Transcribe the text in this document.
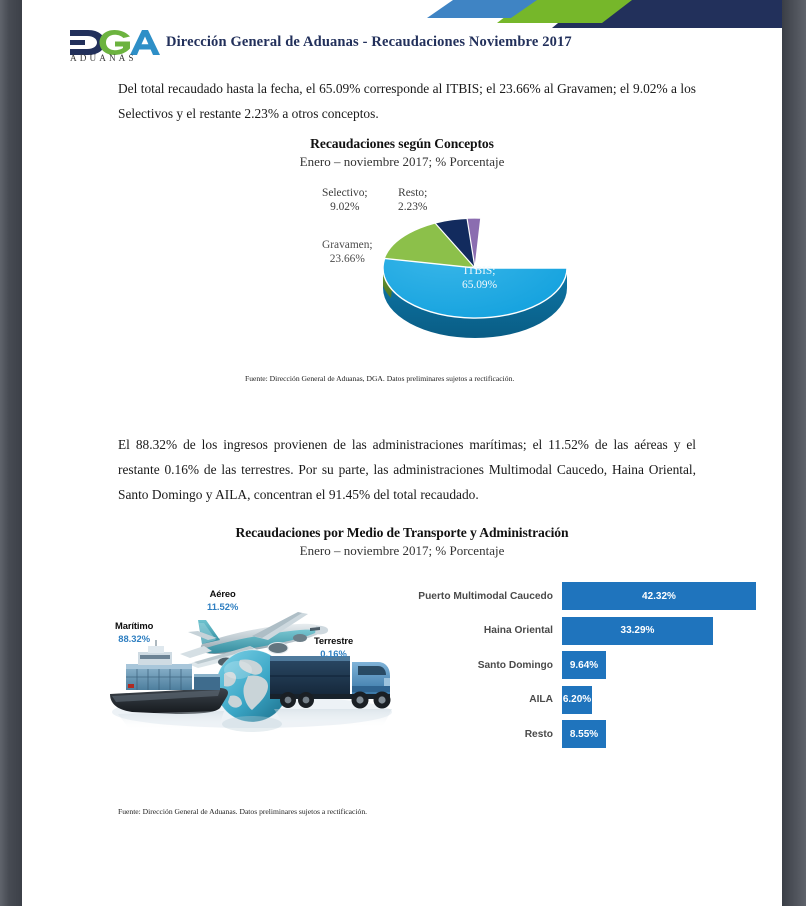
ADUANAS
Dirección General de Aduanas - Recaudaciones Noviembre 2017
Del total recaudado hasta la fecha, el 65.09% corresponde al ITBIS; el 23.66% al Gravamen; el 9.02% a los Selectivos y el restante 2.23% a otros conceptos.
Recaudaciones según Conceptos
Enero – noviembre 2017; % Porcentaje
Selectivo;
9.02%
Resto;
2.23%
Gravamen;
23.66%
ITBIS;
65.09%
Fuente: Dirección General de Aduanas, DGA. Datos preliminares sujetos a rectificación.
El 88.32% de los ingresos provienen de las administraciones marítimas; el 11.52% de las aéreas y el restante 0.16% de las terrestres. Por su parte, las administraciones Multimodal Caucedo, Haina Oriental, Santo Domingo y AILA, concentran el 91.45% del total recaudado.
Recaudaciones por Medio de Transporte y Administración
Enero – noviembre 2017; % Porcentaje
Aéreo
11.52%
Marítimo
88.32%	Terrestre
0.16%
Puerto Multimodal Caucedo	42.32%
Haina Oriental	33.29%
Santo Domingo	9.64%
AILA 6.20%
Resto	8.55%
Fuente: Dirección General de Aduanas. Datos preliminares sujetos a rectificación.
